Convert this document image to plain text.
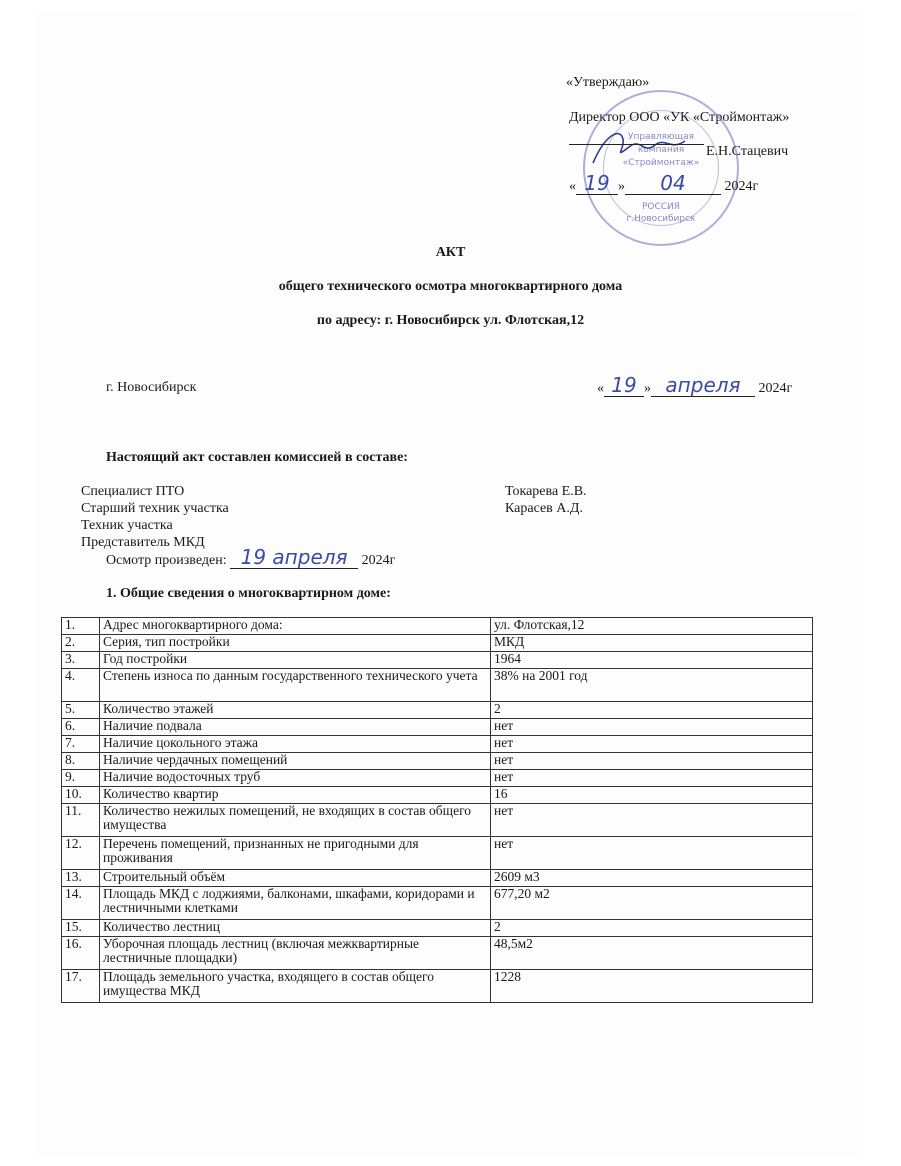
«Утверждаю»
Директор ООО «УК «Строймонтаж»
Управляющая
компания
«Строймонтаж»
РОССИЯ
г.Новосибирск
Е.Н.Стацевич
« 19 »	04	2024г
АКТ
общего технического осмотра многоквартирного дома
по адресу: г. Новосибирск ул. Флотская,12
г. Новосибирск	« 19 » апреля	2024г
Настоящий акт составлен комиссией в составе:
Специалист ПТО	Токарева Е.В.
Старший техник участка	Карасев А.Д.
Техник участка
Представитель МКД
Осмотр произведен: 19 апреля	2024г
1. Общие сведения о многоквартирном доме:
1.	Адрес многоквартирного дома:	ул. Флотская,12
2.	Серия, тип постройки	МКД
3.	Год постройки	1964
4.	Степень износа по данным государственного технического учета	38% на 2001 год
5.	Количество этажей	2
6.	Наличие подвала	нет
7.	Наличие цокольного этажа	нет
8.	Наличие чердачных помещений	нет
9.	Наличие водосточных труб	нет
10.	Количество квартир	16
11.	Количество нежилых помещений, не входящих в состав общего имущества	нет
12.	Перечень помещений, признанных не пригодными для проживания	нет
13.	Строительный объём	2609 м3
14.	Площадь МКД с лоджиями, балконами, шкафами, коридорами и лестничными клетками	677,20 м2
15.	Количество лестниц	2
16.	Уборочная площадь лестниц (включая межквартирные лестничные площадки)	48,5м2
17.	Площадь земельного участка, входящего в состав общего имущества МКД	1228
